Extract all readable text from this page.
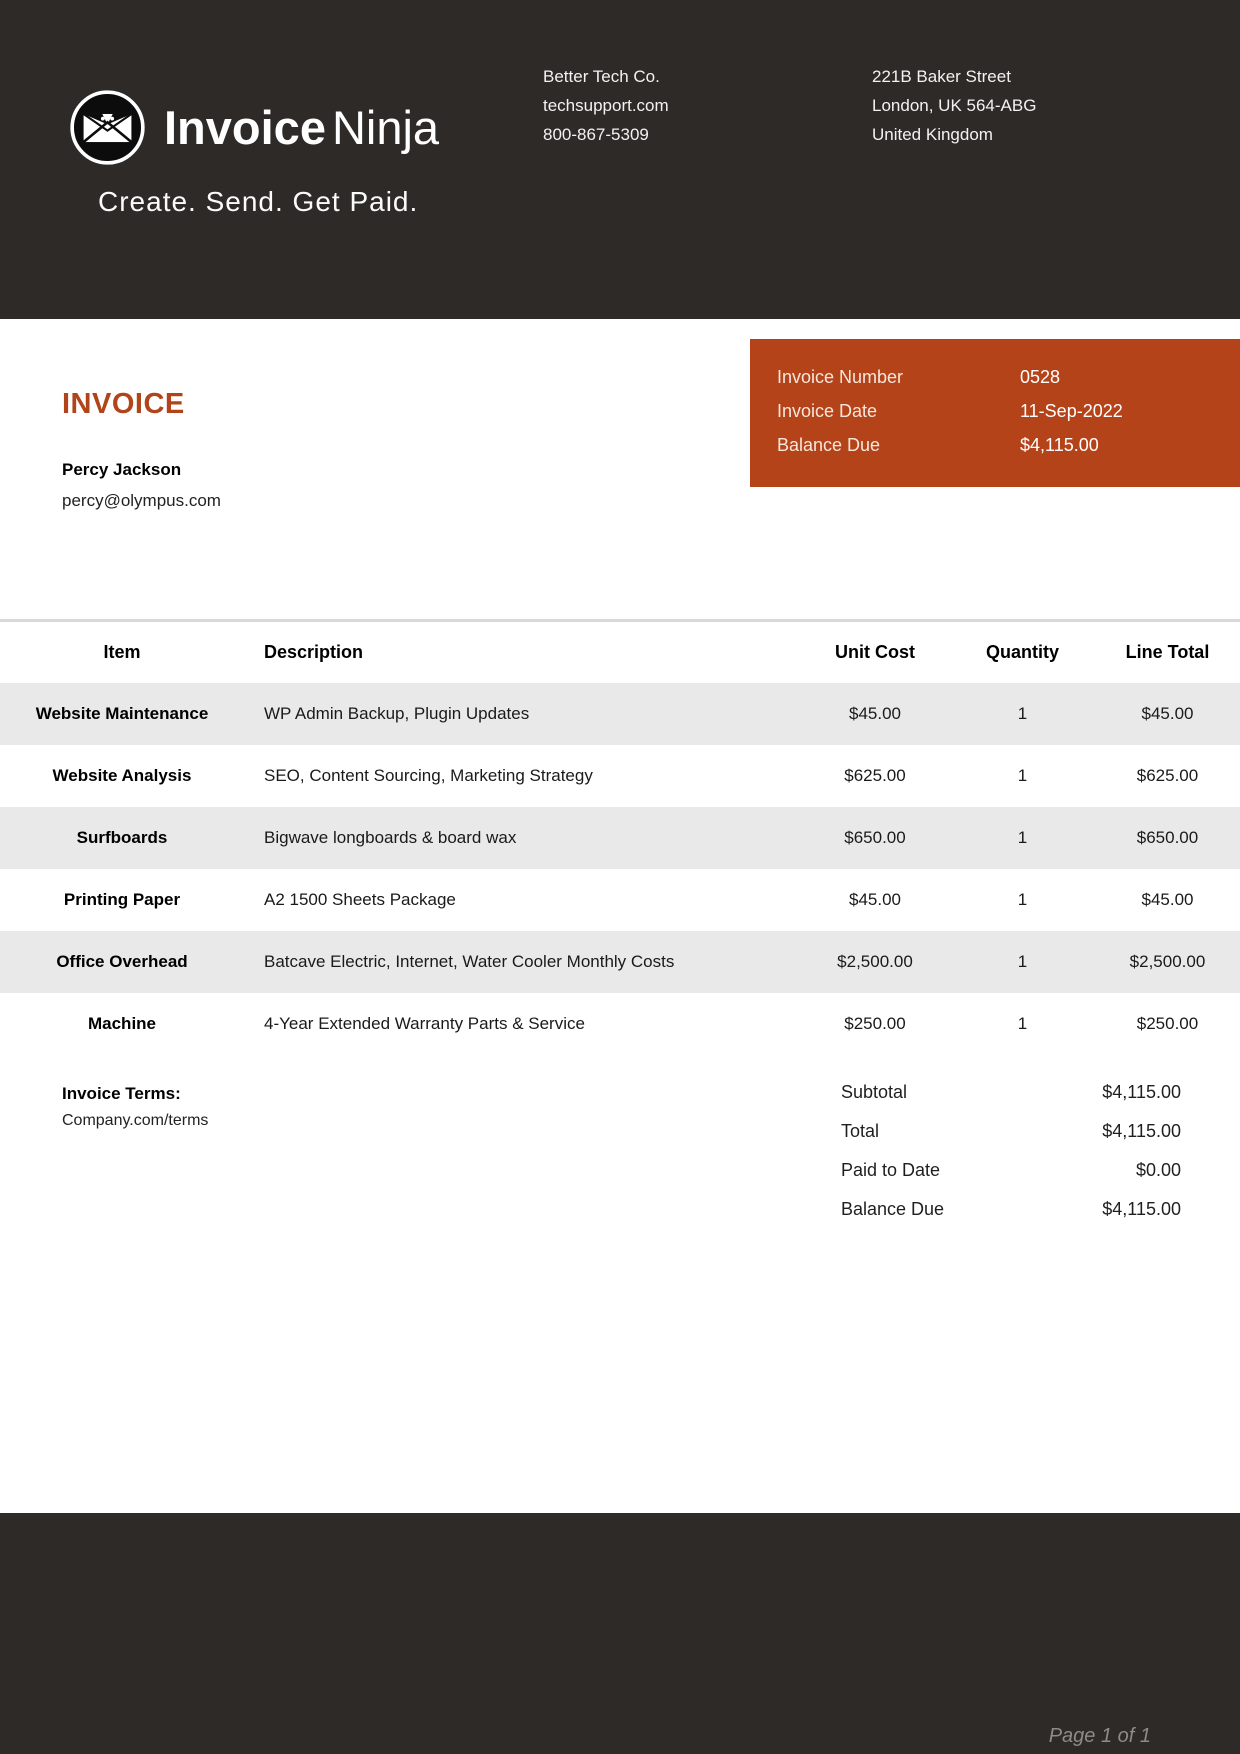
Invoice Ninja
Create. Send. Get Paid.
Better Tech Co.
techsupport.com
800-867-5309
221B Baker Street
London, UK 564-ABG
United Kingdom
INVOICE
Percy Jackson
percy@olympus.com
Invoice Number	0528
Invoice Date	11-Sep-2022
Balance Due	$4,115.00
Item	Description	Unit Cost	Quantity	Line Total
Website Maintenance	WP Admin Backup, Plugin Updates	$45.00	1	$45.00
Website Analysis	SEO, Content Sourcing, Marketing Strategy	$625.00	1	$625.00
Surfboards	Bigwave longboards & board wax	$650.00	1	$650.00
Printing Paper	A2 1500 Sheets Package	$45.00	1	$45.00
Office Overhead	Batcave Electric, Internet, Water Cooler Monthly Costs	$2,500.00	1	$2,500.00
Machine	4-Year Extended Warranty Parts & Service	$250.00	1	$250.00
Invoice Terms:
Company.com/terms
Subtotal	$4,115.00
Total	$4,115.00
Paid to Date	$0.00
Balance Due	$4,115.00
Page 1 of 1
